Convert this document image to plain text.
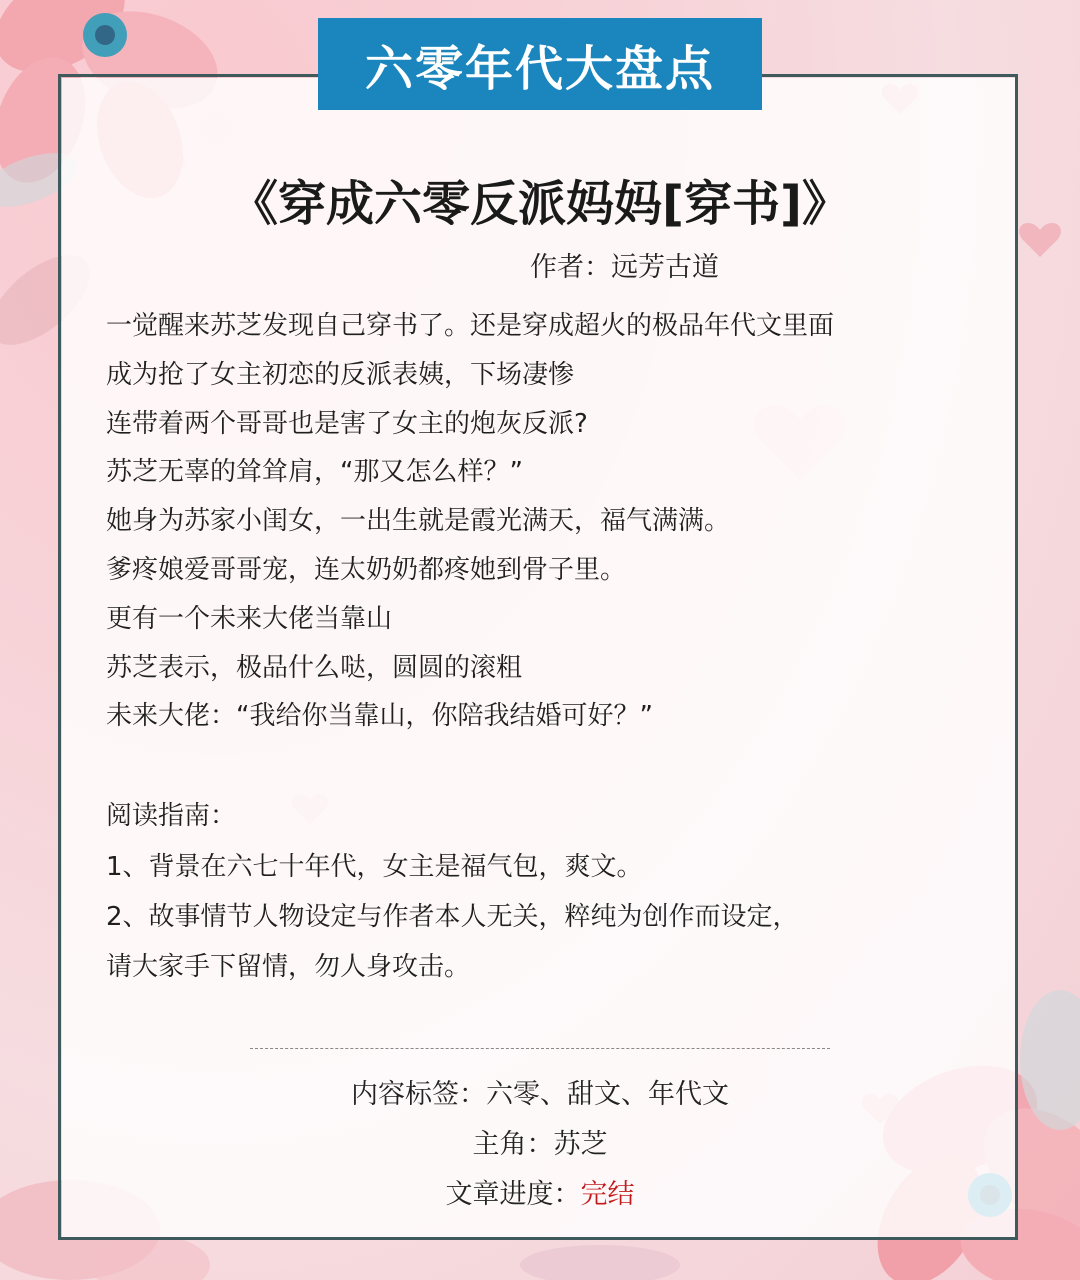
六零年代大盘点
《穿成六零反派妈妈[穿书]》
作者：远芳古道
一觉醒来苏芝发现自己穿书了。还是穿成超火的极品年代文里面
成为抢了女主初恋的反派表姨，下场凄惨
连带着两个哥哥也是害了女主的炮灰反派?
苏芝无辜的耸耸肩，“那又怎么样？”
她身为苏家小闺女，一出生就是霞光满天，福气满满。
爹疼娘爱哥哥宠，连太奶奶都疼她到骨子里。
更有一个未来大佬当靠山
苏芝表示，极品什么哒，圆圆的滚粗
未来大佬：“我给你当靠山，你陪我结婚可好？”
阅读指南：
1、背景在六七十年代，女主是福气包，爽文。
2、故事情节人物设定与作者本人无关，粹纯为创作而设定，
请大家手下留情，勿人身攻击。
内容标签：六零、甜文、年代文
主角：苏芝
文章进度：完结
